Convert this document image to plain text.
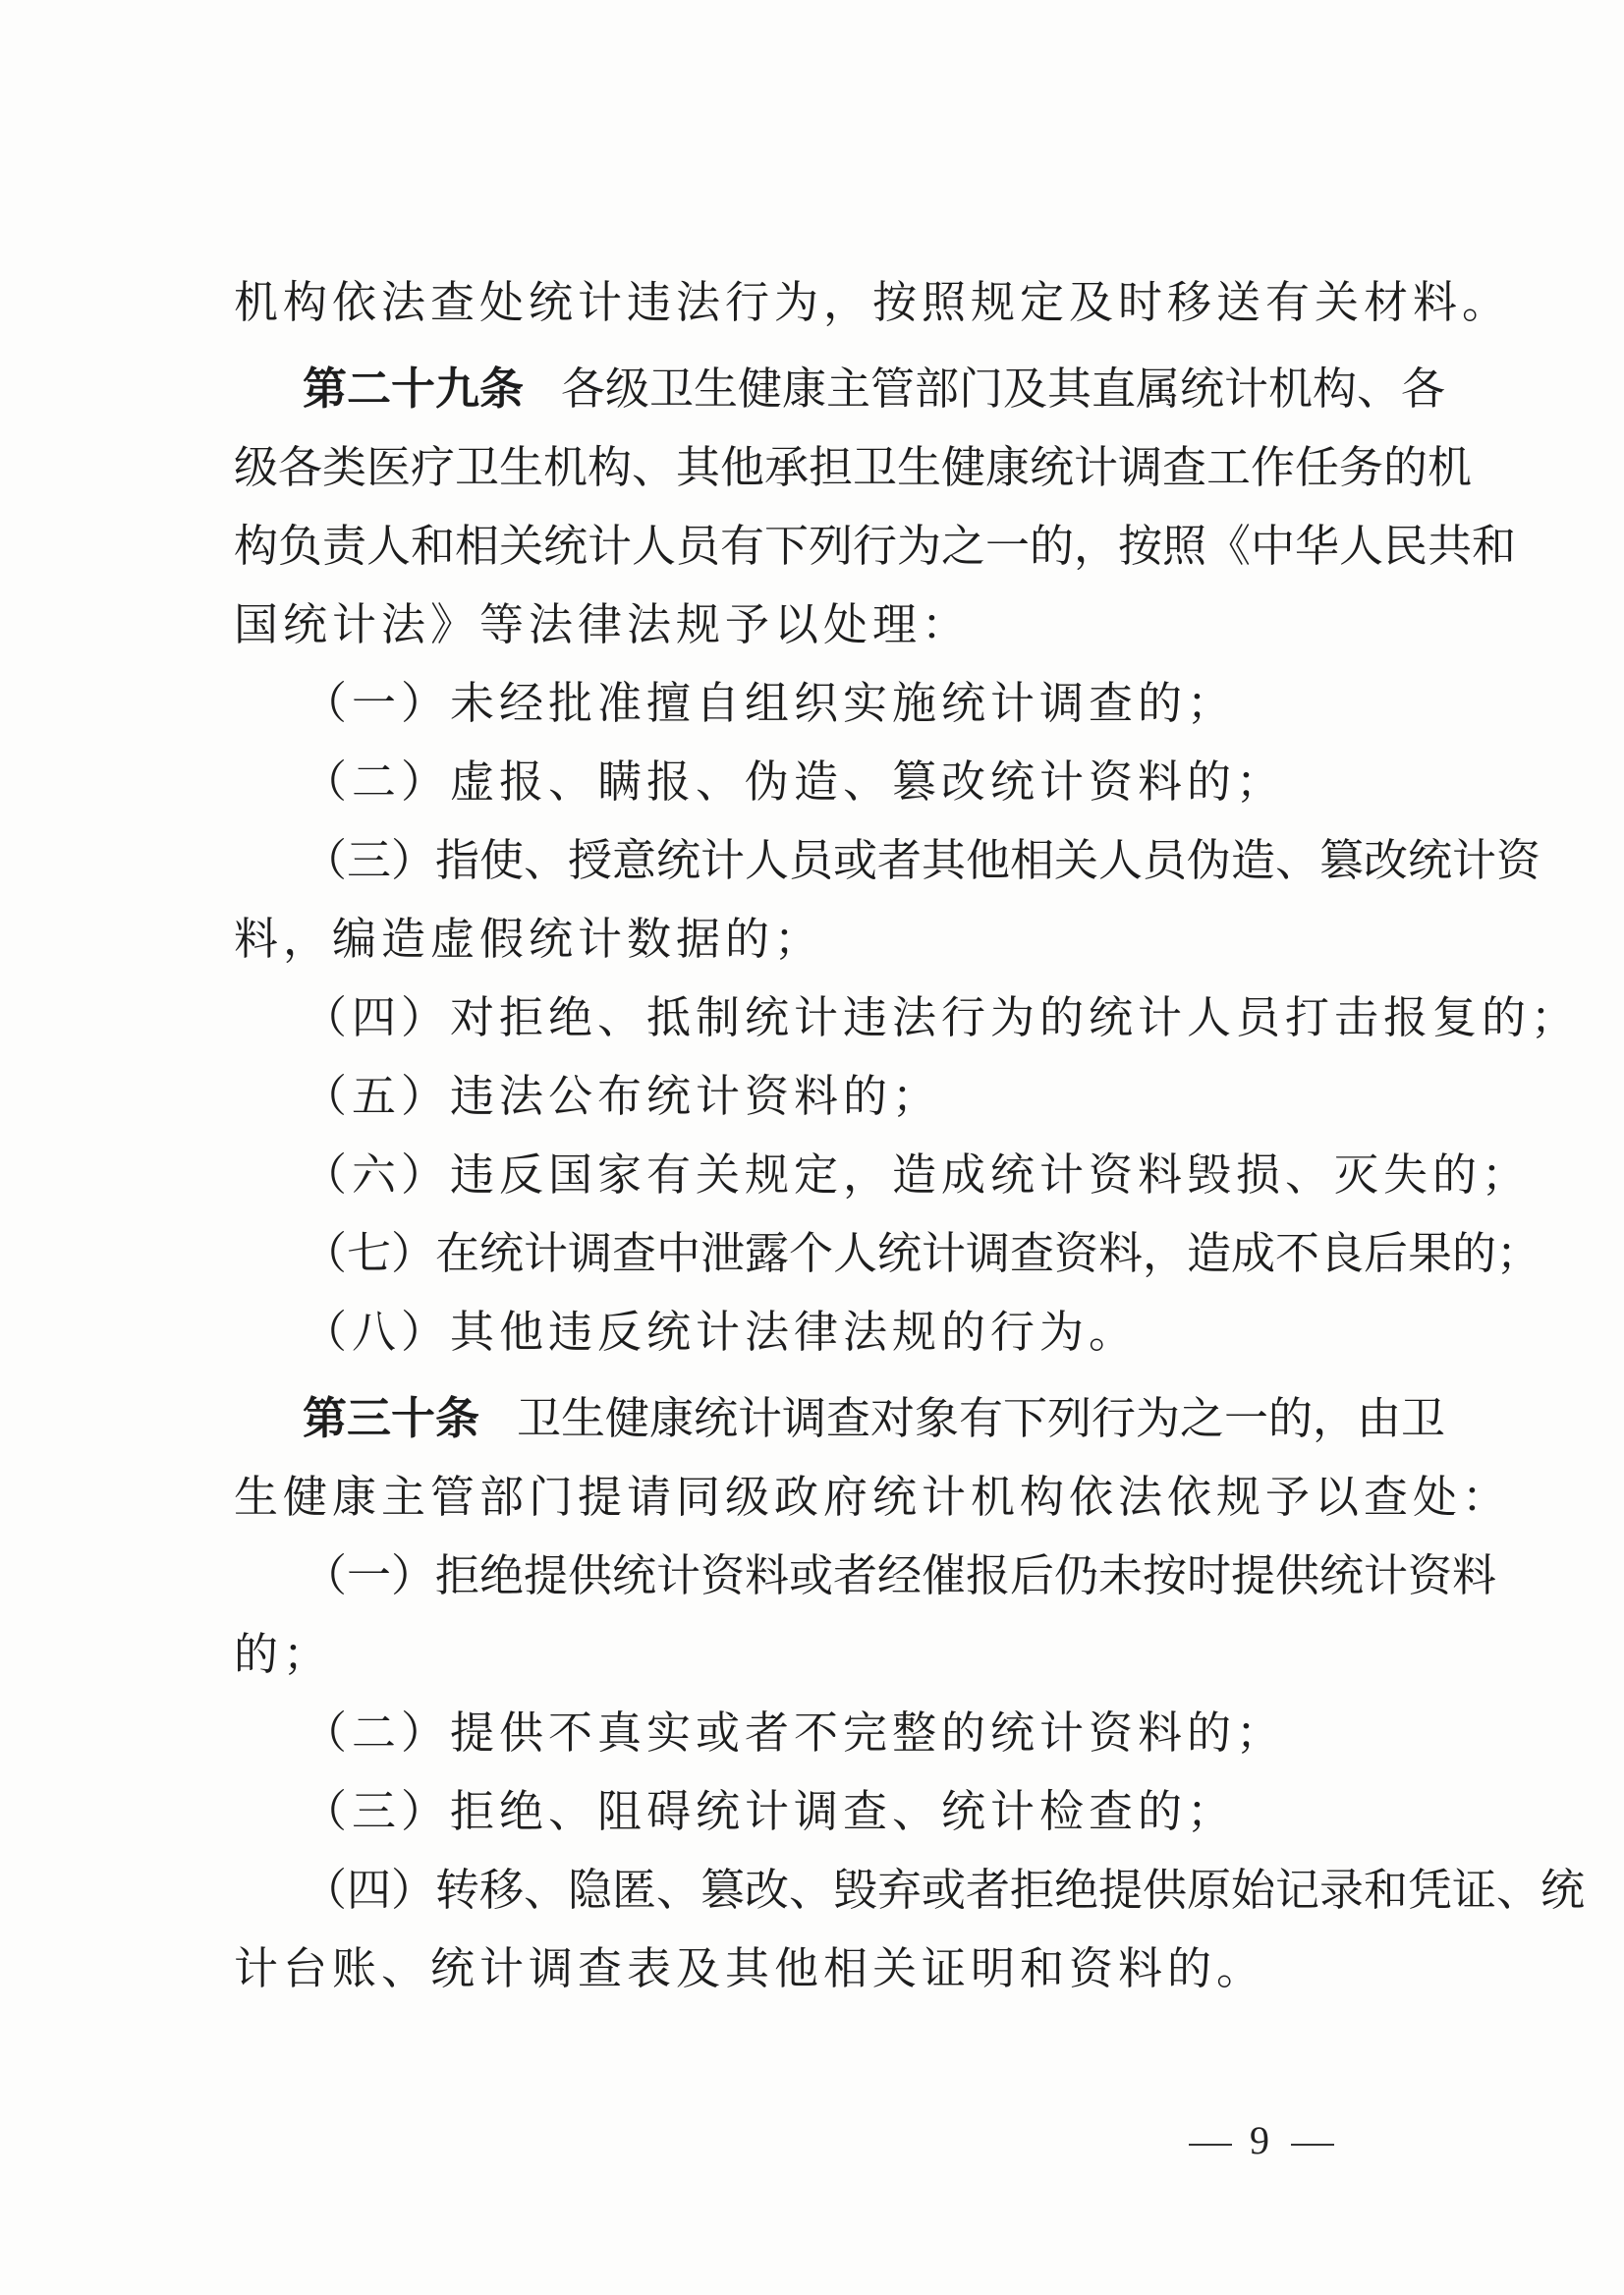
机构依法查处统计违法行为，按照规定及时移送有关材料。
第二十九条 各级卫生健康主管部门及其直属统计机构、各
级各类医疗卫生机构、其他承担卫生健康统计调查工作任务的机
构负责人和相关统计人员有下列行为之一的，按照《中华人民共和
国统计法》等法律法规予以处理：
（一）未经批准擅自组织实施统计调查的；
（二）虚报、瞒报、伪造、篡改统计资料的；
（三）指使、授意统计人员或者其他相关人员伪造、篡改统计资
料，编造虚假统计数据的；
（四）对拒绝、抵制统计违法行为的统计人员打击报复的；
（五）违法公布统计资料的；
（六）违反国家有关规定，造成统计资料毁损、灭失的；
（七）在统计调查中泄露个人统计调查资料，造成不良后果的；
（八）其他违反统计法律法规的行为。
第三十条 卫生健康统计调查对象有下列行为之一的，由卫
生健康主管部门提请同级政府统计机构依法依规予以查处：
（一）拒绝提供统计资料或者经催报后仍未按时提供统计资料
的；
（二）提供不真实或者不完整的统计资料的；
（三）拒绝、阻碍统计调查、统计检查的；
（四）转移、隐匿、篡改、毁弃或者拒绝提供原始记录和凭证、统
计台账、统计调查表及其他相关证明和资料的。
9
